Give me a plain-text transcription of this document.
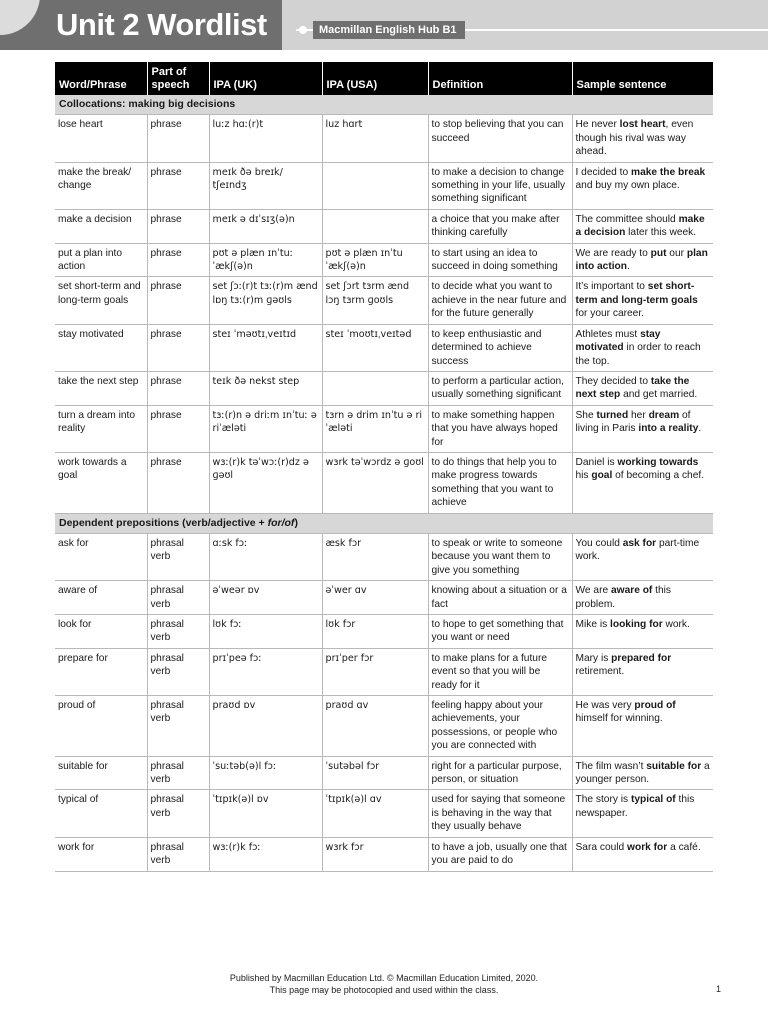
Unit 2 Wordlist	Macmillan English Hub B1
Word/Phrase	Part of speech	IPA (UK)	IPA (USA)	Definition	Sample sentence
Collocations: making big decisions					
lose heart	phrase	luːz hɑː(r)t	luz hɑrt	to stop believing that you can succeed	He never lost heart, even though his rival was way ahead.
make the break/ change	phrase	meɪk ðə breɪk/ tʃeɪndʒ		to make a decision to change something in your life, usually something significant	I decided to make the break and buy my own place.
make a decision	phrase	meɪk ə dɪˈsɪʒ(ə)n		a choice that you make after thinking carefully	The committee should make a decision later this week.
put a plan into action	phrase	pʊt ə plæn ɪnˈtuː ˈækʃ(ə)n	pʊt ə plæn ɪnˈtu ˈækʃ(ə)n	to start using an idea to succeed in doing something	We are ready to put our plan into action.
set short-term and long-term goals	phrase	set ʃɔː(r)t tɜː(r)m ænd lɒŋ tɜː(r)m ɡəʊls	set ʃɔrt tɜrm ænd lɔŋ tɜrm ɡoʊls	to decide what you want to achieve in the near future and for the future generally	It’s important to set short-term and long-term goals for your career.
stay motivated	phrase	steɪ ˈməʊtɪˌveɪtɪd	steɪ ˈmoʊtɪˌveɪtəd	to keep enthusiastic and determined to achieve success	Athletes must stay motivated in order to reach the top.
take the next step	phrase	teɪk ðə nekst step		to perform a particular action, usually something significant	They decided to take the next step and get married.
turn a dream into reality	phrase	tɜː(r)n ə driːm ɪnˈtuː ə riˈæləti	tɜrn ə drim ɪnˈtu ə riˈæləti	to make something happen that you have always hoped for	She turned her dream of living in Paris into a reality.
work towards a goal	phrase	wɜː(r)k təˈwɔː(r)dz ə ɡəʊl	wɜrk təˈwɔrdz ə ɡoʊl	to do things that help you to make progress towards something that you want to achieve	Daniel is working towards his goal of becoming a chef.
Dependent prepositions (verb/adjective + for/of)					
ask for	phrasal verb	ɑːsk fɔː	æsk fɔr	to speak or write to someone because you want them to give you something	You could ask for part-time work.
aware of	phrasal verb	əˈweər ɒv	əˈwer ɑv	knowing about a situation or a fact	We are aware of this problem.
look for	phrasal verb	lʊk fɔː	lʊk fɔr	to hope to get something that you want or need	Mike is looking for work.
prepare for	phrasal verb	prɪˈpeə fɔː	prɪˈper fɔr	to make plans for a future event so that you will be ready for it	Mary is prepared for retirement.
proud of	phrasal verb	praʊd ɒv	praʊd ɑv	feeling happy about your achievements, your possessions, or people who you are connected with	He was very proud of himself for winning.
suitable for	phrasal verb	ˈsuːtəb(ə)l fɔː	ˈsutəbəl fɔr	right for a particular purpose, person, or situation	The film wasn’t suitable for a younger person.
typical of	phrasal verb	ˈtɪpɪk(ə)l ɒv	ˈtɪpɪk(ə)l ɑv	used for saying that someone is behaving in the way that they usually behave	The story is typical of this newspaper.
work for	phrasal verb	wɜː(r)k fɔː	wɜrk fɔr	to have a job, usually one that you are paid to do	Sara could work for a café.
Published by Macmillan Education Ltd. © Macmillan Education Limited, 2020.
This page may be photocopied and used within the class.	1
